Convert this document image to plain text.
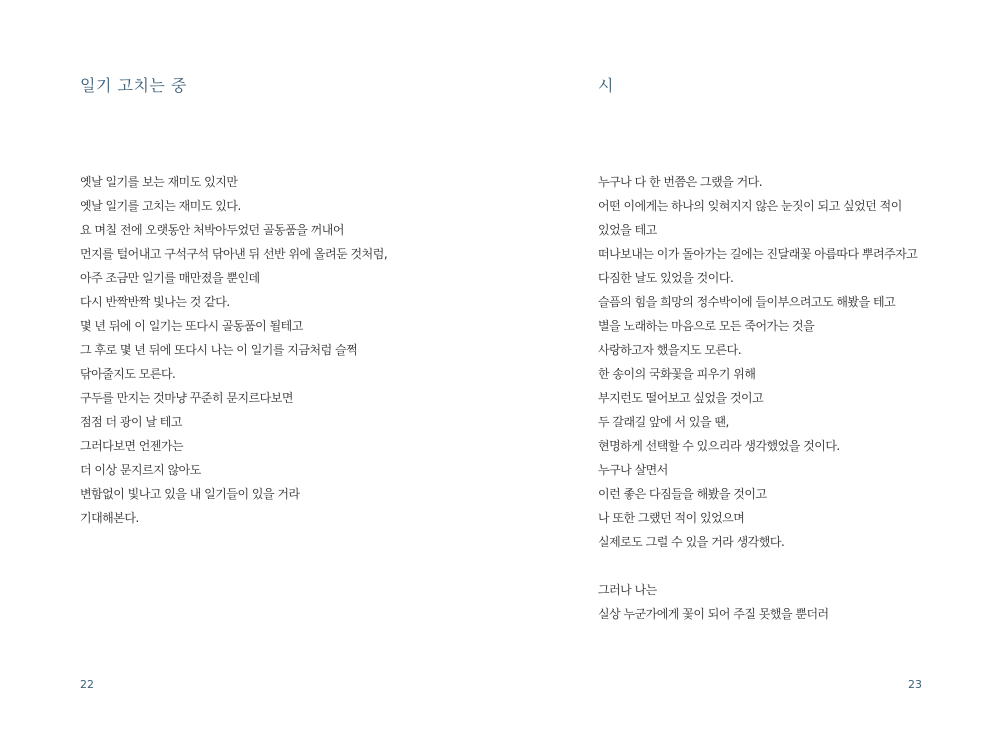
일기 고치는 중
옛날 일기를 보는 재미도 있지만
옛날 일기를 고치는 재미도 있다.
요 며칠 전에 오랫동안 처박아두었던 골동품을 꺼내어
먼지를 털어내고 구석구석 닦아낸 뒤 선반 위에 올려둔 것처럼,
아주 조금만 일기를 매만졌을 뿐인데
다시 반짝반짝 빛나는 것 같다.
몇 년 뒤에 이 일기는 또다시 골동품이 될테고
그 후로 몇 년 뒤에 또다시 나는 이 일기를 지금처럼 슬쩍
닦아줄지도 모른다.
구두를 만지는 것마냥 꾸준히 문지르다보면
점점 더 광이 날 테고
그러다보면 언젠가는
더 이상 문지르지 않아도
변함없이 빛나고 있을 내 일기들이 있을 거라
기대해본다.
22
시
누구나 다 한 번쯤은 그랬을 거다.
어떤 이에게는 하나의 잊혀지지 않은 눈짓이 되고 싶었던 적이
있었을 테고
떠나보내는 이가 돌아가는 길에는 진달래꽃 아름따다 뿌려주자고
다짐한 날도 있었을 것이다.
슬픔의 힘을 희망의 정수박이에 들이부으려고도 해봤을 테고
별을 노래하는 마음으로 모든 죽어가는 것을
사랑하고자 했을지도 모른다.
한 송이의 국화꽃을 피우기 위해
부지런도 떨어보고 싶었을 것이고
두 갈래길 앞에 서 있을 땐,
현명하게 선택할 수 있으리라 생각했었을 것이다.
누구나 살면서
이런 좋은 다짐들을 해봤을 것이고
나 또한 그랬던 적이 있었으며
실제로도 그럴 수 있을 거라 생각했다.
그러나 나는
실상 누군가에게 꽃이 되어 주질 못했을 뿐더러
23
